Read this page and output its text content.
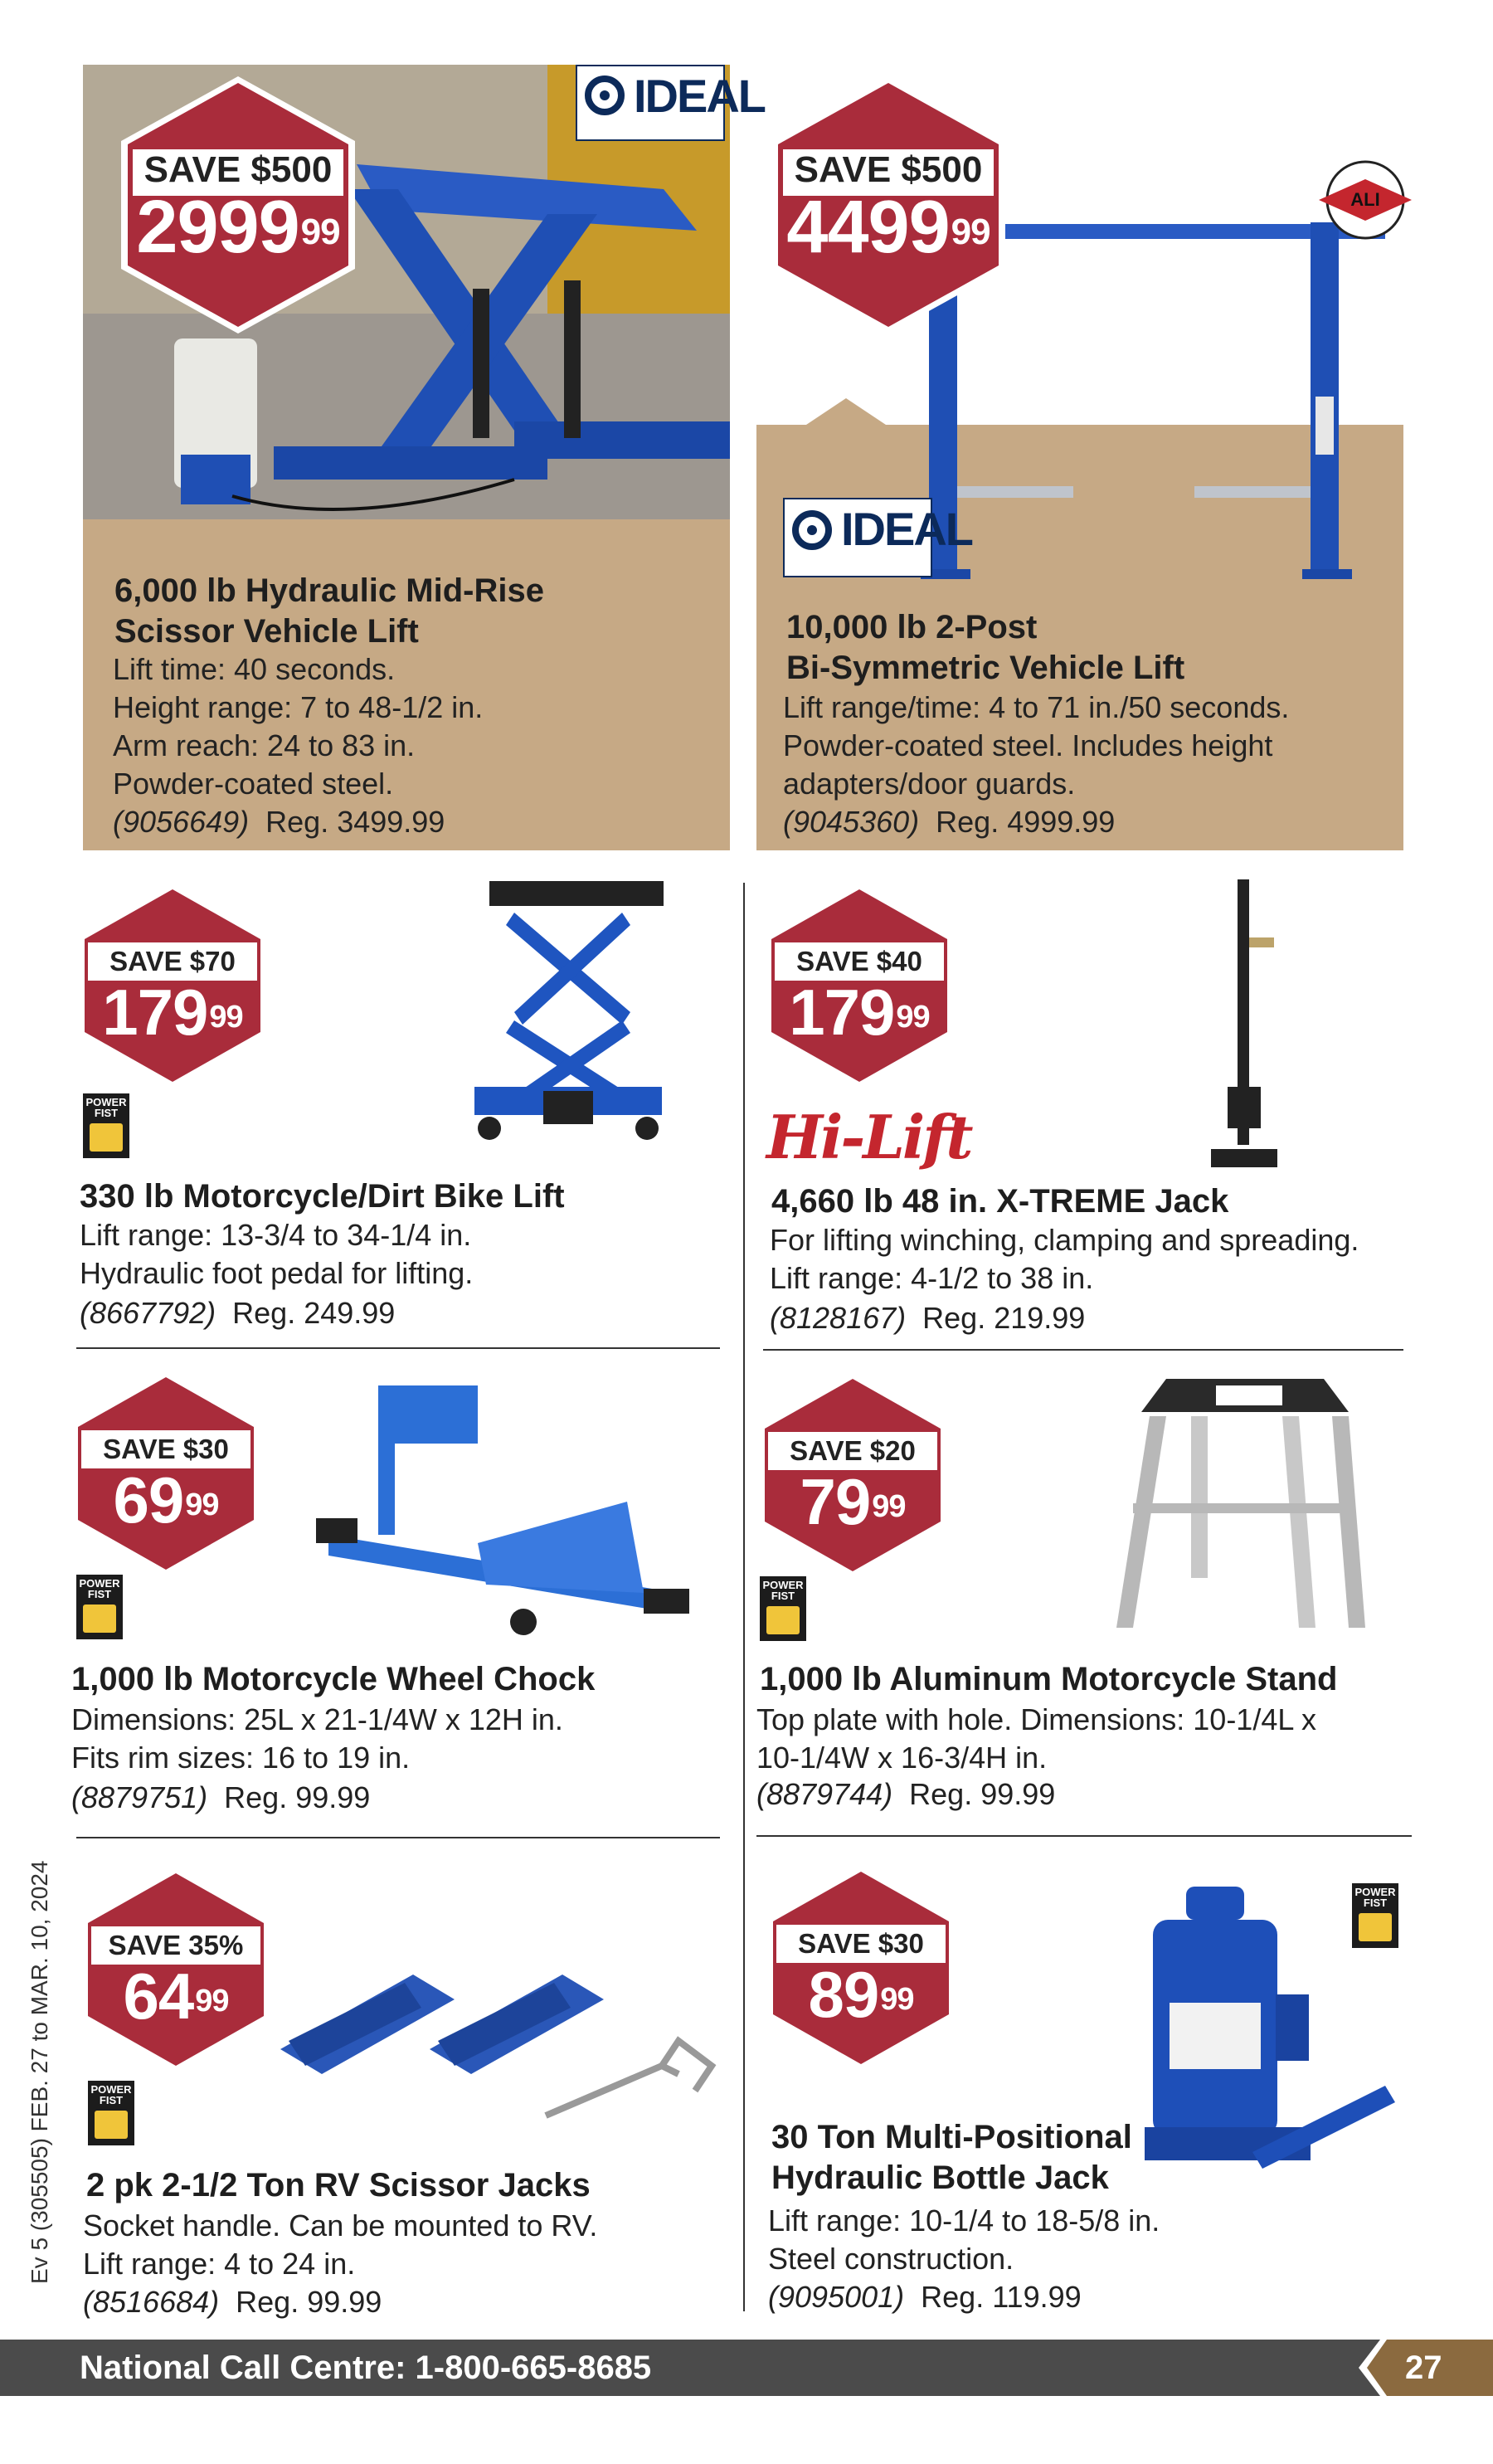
IDEAL
ALI
IDEAL
SAVE $500
2999$^{99}$
SAVE $500
4499$^{99}$
6,000 lb Hydraulic Mid-Rise
Scissor Vehicle Lift
Lift time: 40 seconds.
Height range: 7 to 48-1/2 in.
Arm reach: 24 to 83 in.
Powder-coated steel.
(9056649) Reg. 3499.99
10,000 lb 2-Post
Bi-Symmetric Vehicle Lift
Lift range/time: 4 to 71 in./50 seconds.
Powder-coated steel. Includes height
adapters/door guards.
(9045360) Reg. 4999.99
SAVE $70
$179^{99}$
POWER FIST
330 lb Motorcycle/Dirt Bike Lift
Lift range: 13-3/4 to 34-1/4 in.
Hydraulic foot pedal for lifting.
(8667792) Reg. 249.99
SAVE $40
$179^{99}$
Hi-Lift
4,660 lb 48 in. X-TREME Jack
For lifting winching, clamping and spreading.
Lift range: 4-1/2 to 38 in.
(8128167) Reg. 219.99
SAVE $30
$69^{99}$
POWER FIST
1,000 lb Motorcycle Wheel Chock
Dimensions: 25L x 21-1/4W x 12H in.
Fits rim sizes: 16 to 19 in.
(8879751) Reg. 99.99
SAVE $20
$79^{99}$
POWER FIST
1,000 lb Aluminum Motorcycle Stand
Top plate with hole. Dimensions: 10-1/4L x
10-1/4W x 16-3/4H in.
(8879744) Reg. 99.99
SAVE 35%
$64^{99}$
POWER FIST
2 pk 2-1/2 Ton RV Scissor Jacks
Socket handle. Can be mounted to RV.
Lift range: 4 to 24 in.
(8516684) Reg. 99.99
SAVE $30
$89^{99}$
POWER FIST
30 Ton Multi-Positional
Hydraulic Bottle Jack
Lift range: 10-1/4 to 18-5/8 in.
Steel construction.
(9095001) Reg. 119.99
Ev 5 (305505) FEB. 27 to MAR. 10, 2024
National Call Centre: 1-800-665-8685	27
